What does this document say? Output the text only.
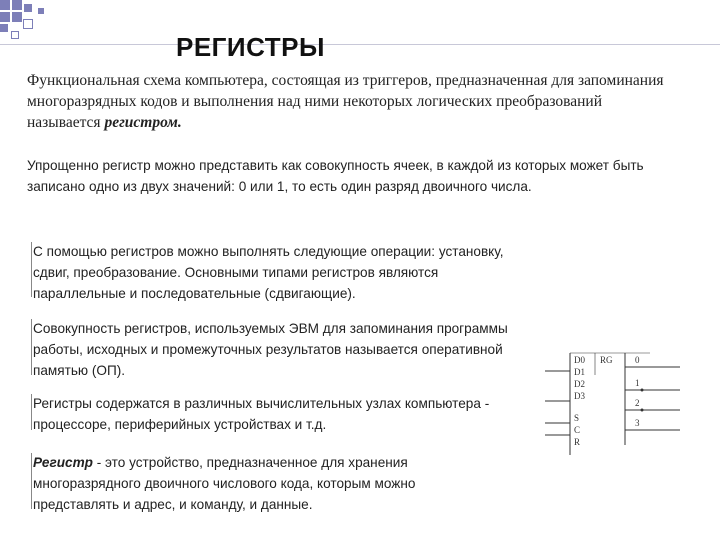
РЕГИСТРЫ
Функциональная схема компьютера, состоящая из триггеров, предназначенная для запоминания многоразрядных кодов и выполнения над ними некоторых логических преобразований называется регистром.
Упрощенно регистр можно представить как совокупность ячеек, в каждой из которых может быть записано одно из двух значений: 0 или 1, то есть один разряд двоичного числа.
С помощью регистров можно выполнять следующие операции: установку, сдвиг, преобразование. Основными типами регистров являются параллельные и последовательные (сдвигающие).
Совокупность регистров, используемых ЭВМ для запоминания программы работы, исходных и промежуточных результатов называется оперативной памятью (ОП).
Регистры содержатся в различных вычислительных узлах компьютера - процессоре, периферийных устройствах и т.д.
Регистр - это устройство, предназначенное для хранения многоразрядного двоичного числового кода, которым можно представлять и адрес, и команду, и данные.
D0
D1
D2
D3
S
C
R
RG 0
1
2
3
